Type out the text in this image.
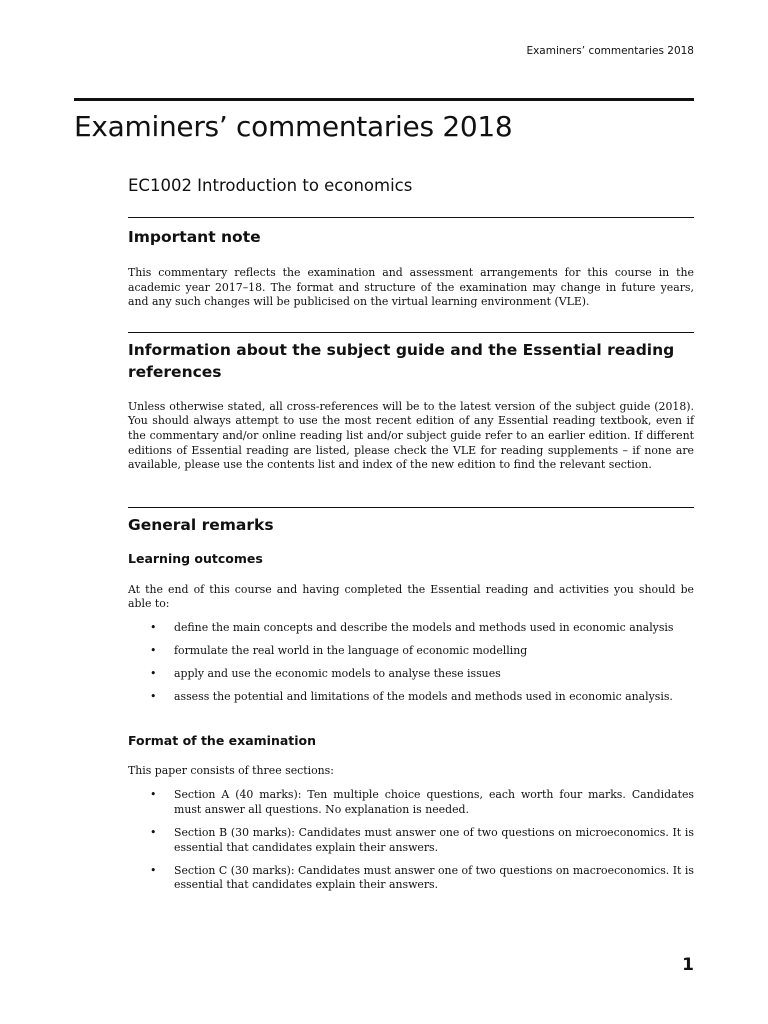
Examiners’ commentaries 2018
Examiners’ commentaries 2018
EC1002 Introduction to economics
Important note

This commentary reflects the examination and assessment arrangements for this course in the academic year 2017–18. The format and structure of the examination may change in future years, and any such changes will be publicised on the virtual learning environment (VLE).

Information about the subject guide and the Essential reading references

Unless otherwise stated, all cross-references will be to the latest version of the subject guide (2018). You should always attempt to use the most recent edition of any Essential reading textbook, even if the commentary and/or online reading list and/or subject guide refer to an earlier edition. If different editions of Essential reading are listed, please check the VLE for reading supplements – if none are available, please use the contents list and index of the new edition to find the relevant section.

General remarks
Learning outcomes

At the end of this course and having completed the Essential reading and activities you should be able to:

• define the main concepts and describe the models and methods used in economic analysis
• formulate the real world in the language of economic modelling
• apply and use the economic models to analyse these issues
• assess the potential and limitations of the models and methods used in economic analysis.
Format of the examination

This paper consists of three sections:

• Section A (40 marks): Ten multiple choice questions, each worth four marks. Candidates must answer all questions. No explanation is needed.
• Section B (30 marks): Candidates must answer one of two questions on microeconomics. It is essential that candidates explain their answers.
• Section C (30 marks): Candidates must answer one of two questions on macroeconomics. It is essential that candidates explain their answers.
1
